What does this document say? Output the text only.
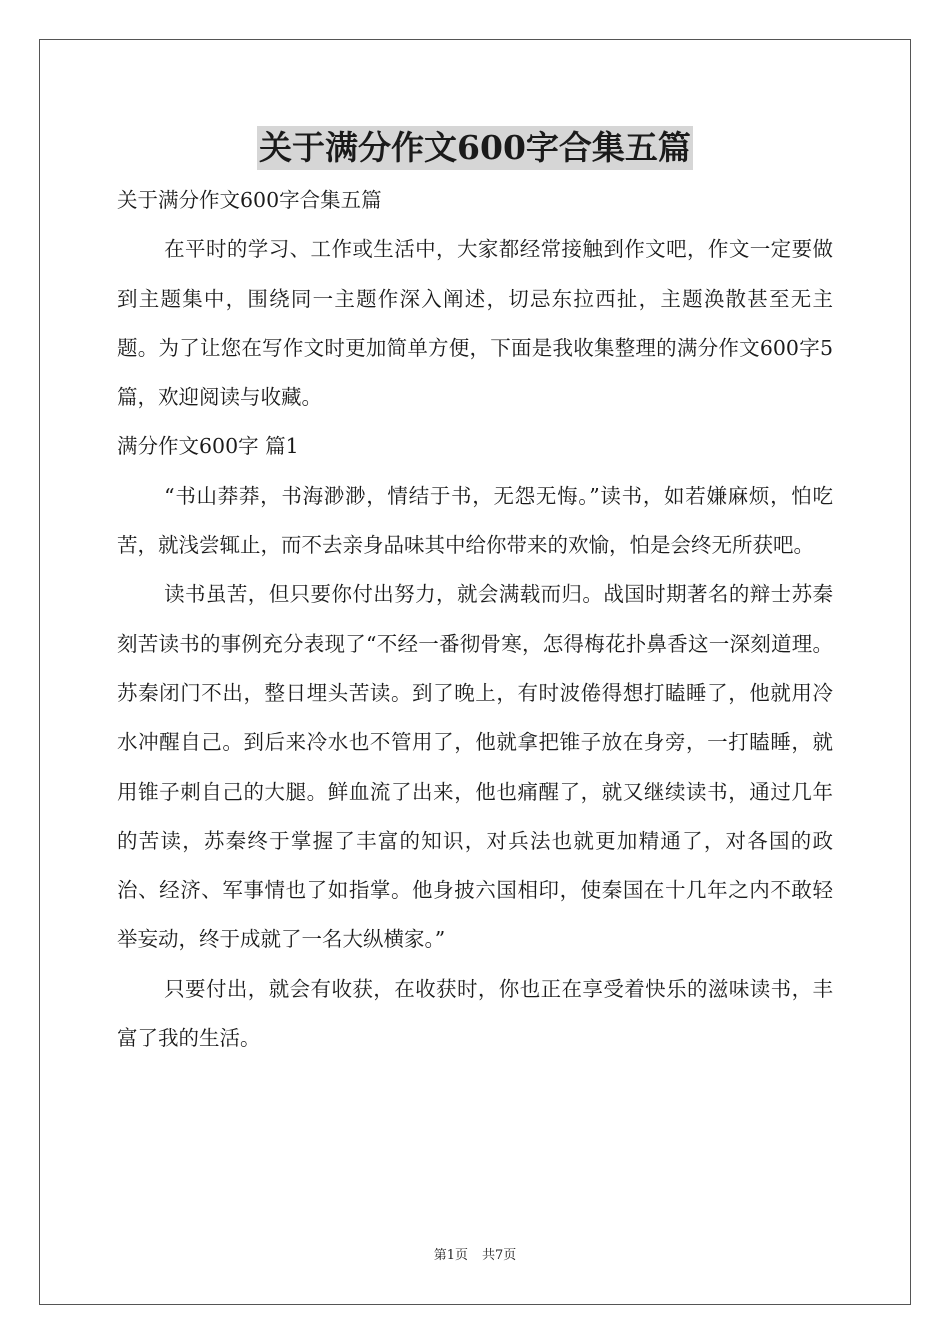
关于满分作文600字合集五篇

关于满分作文600字合集五篇

在平时的学习、工作或生活中，大家都经常接触到作文吧，作文一定要做到主题集中，围绕同一主题作深入阐述，切忌东拉西扯，主题涣散甚至无主题。为了让您在写作文时更加简单方便，下面是我收集整理的满分作文600字5篇，欢迎阅读与收藏。

满分作文600字 篇1

“书山莽莽，书海渺渺，情结于书，无怨无悔。”读书，如若嫌麻烦，怕吃苦，就浅尝辄止，而不去亲身品味其中给你带来的欢愉，怕是会终无所获吧。

读书虽苦，但只要你付出努力，就会满载而归。战国时期著名的辩士苏秦刻苦读书的事例充分表现了“不经一番彻骨寒，怎得梅花扑鼻香这一深刻道理。苏秦闭门不出，整日埋头苦读。到了晚上，有时波倦得想打瞌睡了，他就用冷水冲醒自己。到后来冷水也不管用了，他就拿把锥子放在身旁，一打瞌睡，就用锥子刺自己的大腿。鲜血流了出来，他也痛醒了，就又继续读书，通过几年的苦读，苏秦终于掌握了丰富的知识，对兵法也就更加精通了，对各国的政治、经济、军事情也了如指掌。他身披六国相印，使秦国在十几年之内不敢轻举妄动，终于成就了一名大纵横家。”

只要付出，就会有收获，在收获时，你也正在享受着快乐的滋味读书，丰富了我的生活。

第1页 共7页
